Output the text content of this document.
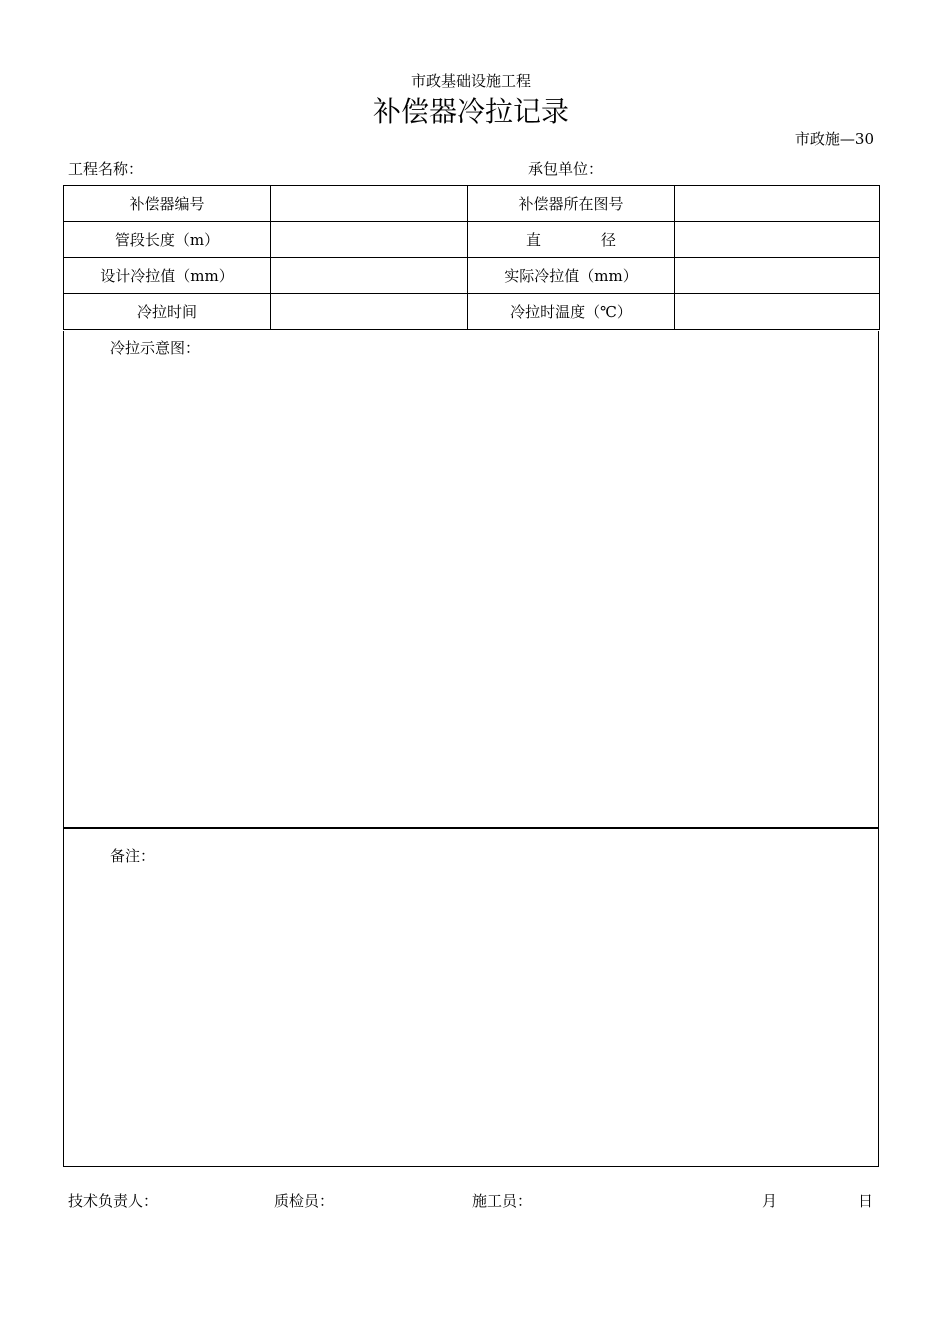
市政基础设施工程
补偿器冷拉记录
市政施—30
工程名称：	承包单位：
补偿器编号		补偿器所在图号	
管段长度（m）		直　　　　径	
设计冷拉值（mm）		实际冷拉值（mm）	
冷拉时间		冷拉时温度（℃）	
冷拉示意图：
备注：
技术负责人：	质检员：	施工员：	月	日
